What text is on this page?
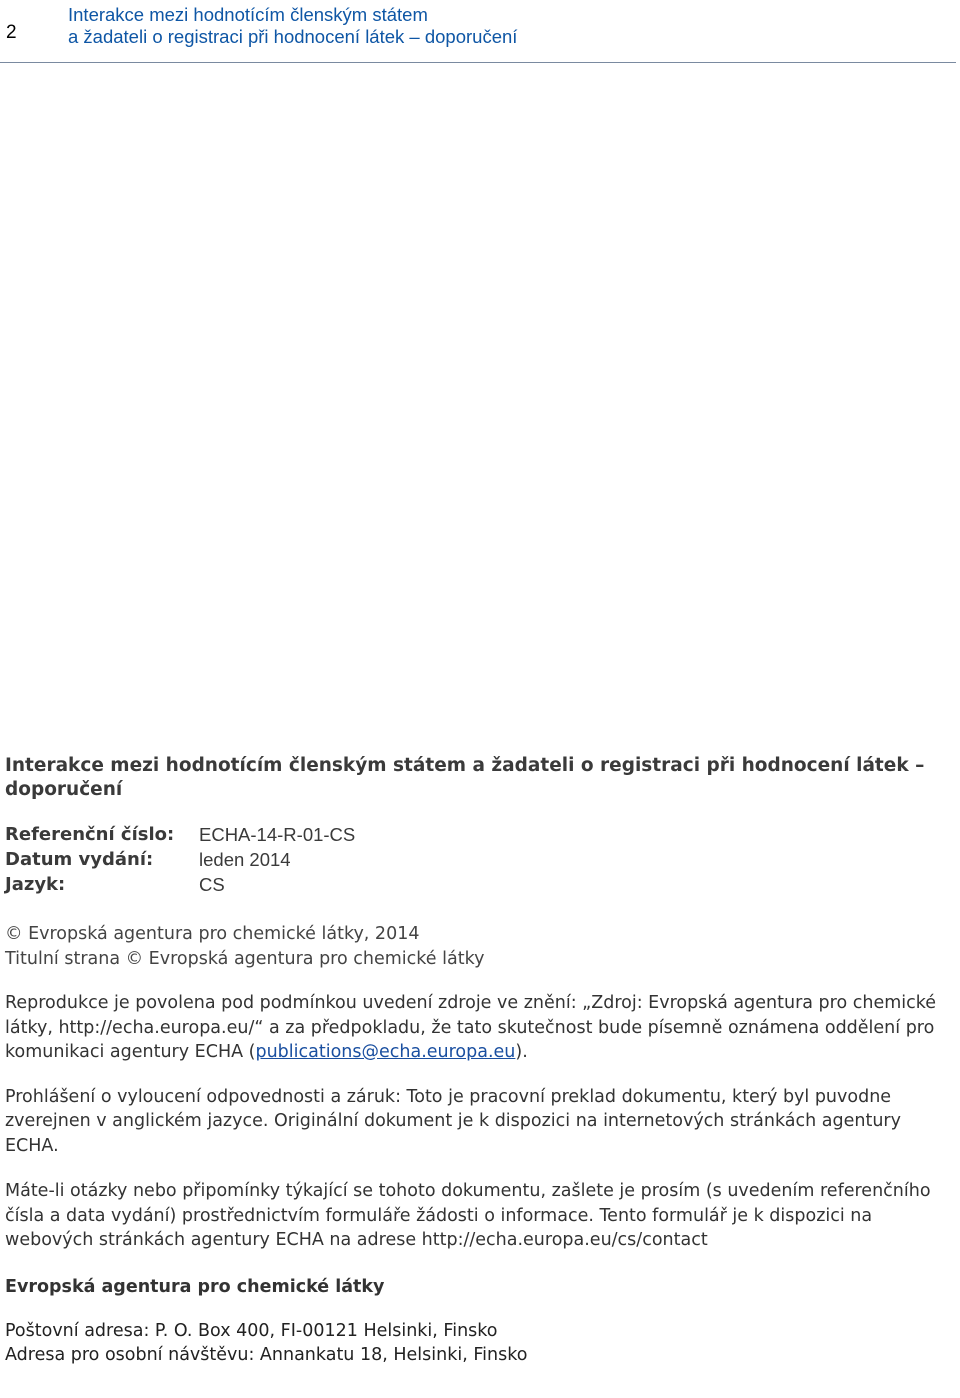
2
Interakce mezi hodnotícím členským státem
a žadateli o registraci při hodnocení látek – doporučení
Interakce mezi hodnotícím členským státem a žadateli o registraci při hodnocení látek – doporučení
Referenční číslo:	ECHA-14-R-01-CS
Datum vydání:	leden 2014
Jazyk:	CS
© Evropská agentura pro chemické látky, 2014
Titulní strana © Evropská agentura pro chemické látky

Reprodukce je povolena pod podmínkou uvedení zdroje ve znění: „Zdroj: Evropská agentura pro chemické látky, http://echa.europa.eu/“ a za předpokladu, že tato skutečnost bude písemně oznámena oddělení pro komunikaci agentury ECHA (publications@echa.europa.eu).

Prohlášení o vyloucení odpovednosti a záruk: Toto je pracovní preklad dokumentu, který byl puvodne zverejnen v anglickém jazyce. Originální dokument je k dispozici na internetových stránkách agentury ECHA.

Máte-li otázky nebo připomínky týkající se tohoto dokumentu, zašlete je prosím (s uvedením referenčního čísla a data vydání) prostřednictvím formuláře žádosti o informace. Tento formulář je k dispozici na webových stránkách agentury ECHA na adrese http://echa.europa.eu/cs/contact

Evropská agentura pro chemické látky
Poštovní adresa: P. O. Box 400, FI-00121 Helsinki, Finsko
Adresa pro osobní návštěvu: Annankatu 18, Helsinki, Finsko
